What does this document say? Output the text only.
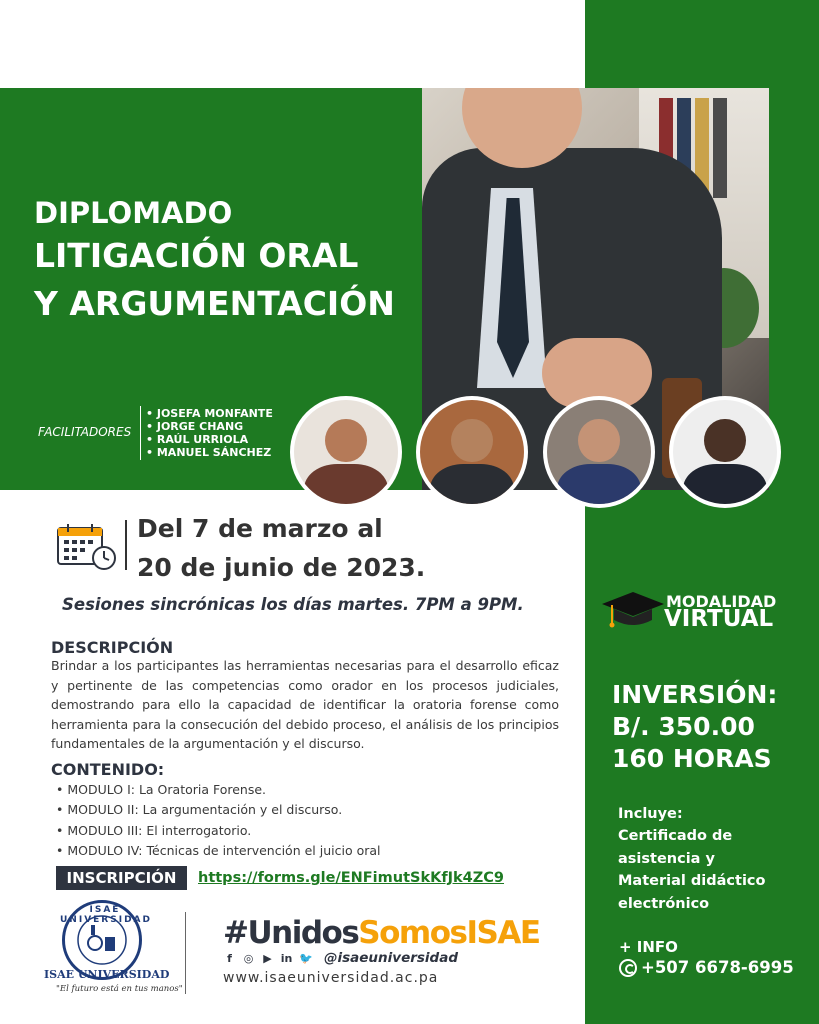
DIPLOMADO
LITIGACIÓN ORAL
Y ARGUMENTACIÓN
FACILITADORES
• JOSEFA MONFANTE
• JORGE CHANG
• RAÚL URRIOLA
• MANUEL SÁNCHEZ
Del 7 de marzo al
20 de junio de 2023.
Sesiones sincrónicas los días martes. 7PM a 9PM.
DESCRIPCIÓN

Brindar a los participantes las herramientas necesarias para el desarrollo eficaz y pertinente de las competencias como orador en los procesos judiciales, demostrando para ello la capacidad de identificar la oratoria forense como herramienta para la consecución del debido proceso, el análisis de los principios fundamentales de la argumentación y el discurso.

CONTENIDO:
• MODULO I: La Oratoria Forense.
• MODULO II: La argumentación y el discurso.
• MODULO III: El interrogatorio.
• MODULO IV: Técnicas de intervención el juicio oral
INSCRIPCIÓN	https://forms.gle/ENFimutSkKfJk4ZC9
ISAE UNIVERSIDAD
ISAE UNIVERSIDAD
"El futuro está en tus manos"
#UnidosSomosISAE
f	◎ ▶ in 🐦 @isaeuniversidad
www.isaeuniversidad.ac.pa
MODALIDAD
VIRTUAL
INVERSIÓN:
B/. 350.00
160 HORAS
Incluye:
Certificado de
asistencia y
Material didáctico
electrónico
+ INFO
+507 6678-6995
